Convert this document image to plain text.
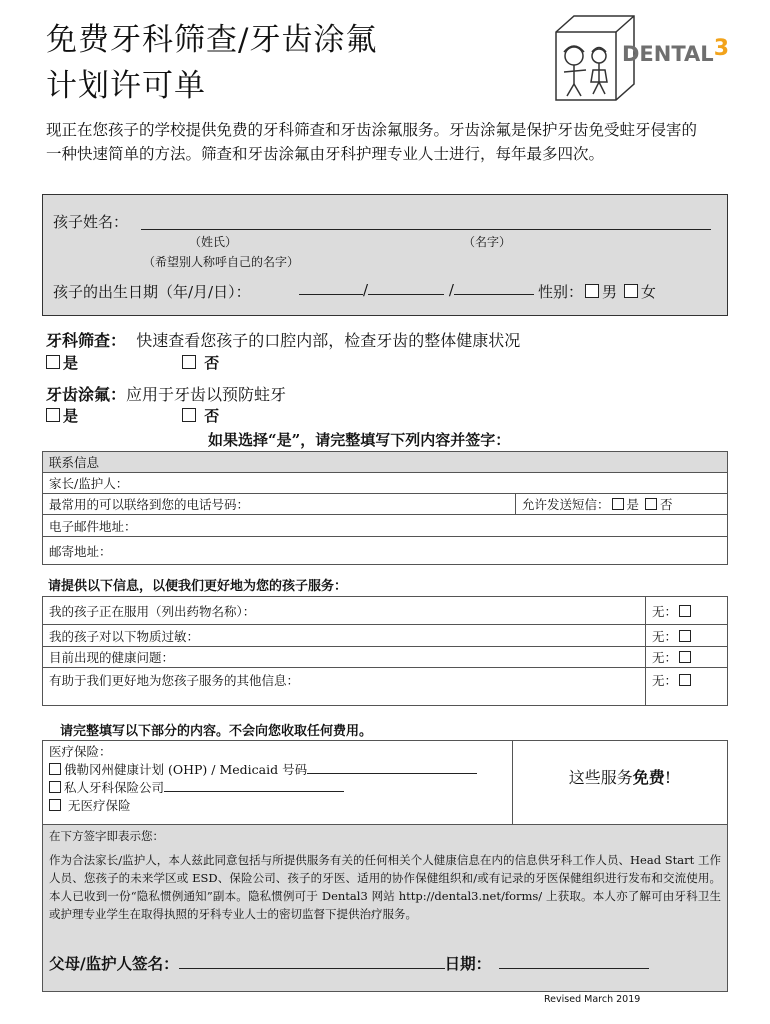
免费牙科筛查/牙齿涂氟
计划许可单
DENTAL3
现正在您孩子的学校提供免费的牙科筛查和牙齿涂氟服务。牙齿涂氟是保护牙齿免受蛀牙侵害的一种快速简单的方法。筛查和牙齿涂氟由牙科护理专业人士进行，每年最多四次。
孩子姓名：
（姓氏）	（名字）
（希望别人称呼自己的名字）
孩子的出生日期（年/月/日）：	/	/	性别： 男 女
牙科筛查： 快速查看您孩子的口腔内部，检查牙齿的整体健康状况
是	否
牙齿涂氟：应用于牙齿以预防蛀牙
是	否
如果选择“是”，请完整填写下列内容并签字：
联系信息
家长/监护人：
最常用的可以联络到您的电话号码：	允许发送短信： 是 否
电子邮件地址：
邮寄地址：
请提供以下信息，以便我们更好地为您的孩子服务：
我的孩子正在服用（列出药物名称）：	无：
我的孩子对以下物质过敏：	无：
目前出现的健康问题：	无：
有助于我们更好地为您孩子服务的其他信息：	无：
请完整填写以下部分的内容。不会向您收取任何费用。
医疗保险：
俄勒冈州健康计划 (OHP) / Medicaid 号码
私人牙科保险公司
无医疗保险
这些服务免费!
在下方签字即表示您：
作为合法家长/监护人，本人兹此同意包括与所提供服务有关的任何相关个人健康信息在内的信息供牙科工作人员、Head Start 工作人员、您孩子的未来学区或 ESD、保险公司、孩子的牙医、适用的协作保健组织和/或有记录的牙医保健组织进行发布和交流使用。本人已收到一份“隐私惯例通知”副本。隐私惯例可于 Dental3 网站 http://dental3.net/forms/ 上获取。本人亦了解可由牙科卫生或护理专业学生在取得执照的牙科专业人士的密切监督下提供治疗服务。
父母/监护人签名：	日期：
Revised March 2019
